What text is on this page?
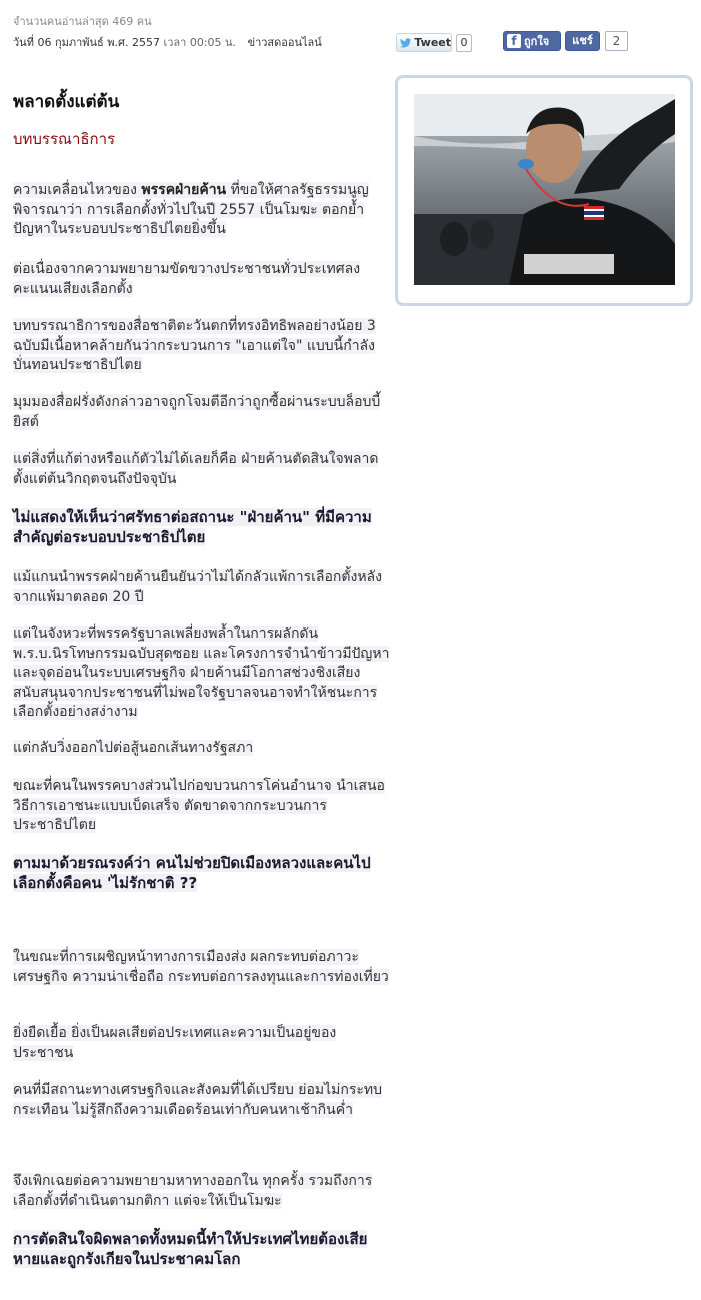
จำนวนคนอ่านล่าสุด 469 คน
วันที่ 06 กุมภาพันธ์ พ.ศ. 2557 เวลา 00:05 น. ข่าวสดออนไลน์	Tweet 0	f ถูกใจ	แชร์	2
พลาดตั้งแต่ต้น
บทบรรณาธิการ
ความเคลื่อนไหวของ พรรคฝ่ายค้าน ที่ขอให้ศาลรัฐธรรมนูญพิจารณาว่า การเลือกตั้งทั่วไปในปี 2557 เป็นโมฆะ ตอกย้ำปัญหาในระบอบประชาธิปไตยยิ่งขึ้น
ต่อเนื่องจากความพยายามขัดขวางประชาชนทั่วประเทศลงคะแนนเสียงเลือกตั้ง
บทบรรณาธิการของสื่อชาติตะวันตกที่ทรงอิทธิพลอย่างน้อย 3 ฉบับมีเนื้อหาคล้ายกันว่ากระบวนการ "เอาแต่ใจ" แบบนี้กำลังบั่นทอนประชาธิปไตย
มุมมองสื่อฝรั่งดังกล่าวอาจถูกโจมตีอีกว่าถูกซื้อผ่านระบบล็อบบี้ยิสต์
แต่สิ่งที่แก้ต่างหรือแก้ตัวไม่ได้เลยก็คือ ฝ่ายค้านตัดสินใจพลาดตั้งแต่ต้นวิกฤตจนถึงปัจจุบัน
ไม่แสดงให้เห็นว่าศรัทธาต่อสถานะ "ฝ่ายค้าน" ที่มีความสำคัญต่อระบอบประชาธิปไตย
แม้แกนนำพรรคฝ่ายค้านยืนยันว่าไม่ได้กลัวแพ้การเลือกตั้งหลังจากแพ้มาตลอด 20 ปี
แต่ในจังหวะที่พรรครัฐบาลเพลี่ยงพล้ำในการผลักดันพ.ร.บ.นิรโทษกรรมฉบับสุดซอย และโครงการจำนำข้าวมีปัญหาและจุดอ่อนในระบบเศรษฐกิจ ฝ่ายค้านมีโอกาสช่วงชิงเสียงสนับสนุนจากประชาชนที่ไม่พอใจรัฐบาลจนอาจทำให้ชนะการเลือกตั้งอย่างสง่างาม
แต่กลับวิ่งออกไปต่อสู้นอกเส้นทางรัฐสภา
ขณะที่คนในพรรคบางส่วนไปก่อขบวนการโค่นอำนาจ นำเสนอวิธีการเอาชนะแบบเบ็ดเสร็จ ตัดขาดจากกระบวนการประชาธิปไตย
ตามมาด้วยรณรงค์ว่า คนไม่ช่วยปิดเมืองหลวงและคนไปเลือกตั้งคือคน 'ไม่รักชาติ ??
ในขณะที่การเผชิญหน้าทางการเมืองส่ง ผลกระทบต่อภาวะเศรษฐกิจ ความน่าเชื่อถือ กระทบต่อการลงทุนและการท่องเที่ยว
ยิ่งยืดเยื้อ ยิ่งเป็นผลเสียต่อประเทศและความเป็นอยู่ของประชาชน
คนที่มีสถานะทางเศรษฐกิจและสังคมที่ได้เปรียบ ย่อมไม่กระทบกระเทือน ไม่รู้สึกถึงความเดือดร้อนเท่ากับคนหาเช้ากินค่ำ
จึงเพิกเฉยต่อความพยายามหาทางออกใน ทุกครั้ง รวมถึงการเลือกตั้งที่ดำเนินตามกติกา แต่จะให้เป็นโมฆะ
การตัดสินใจผิดพลาดทั้งหมดนี้ทำให้ประเทศไทยต้องเสียหายและถูกรังเกียจในประชาคมโลก
